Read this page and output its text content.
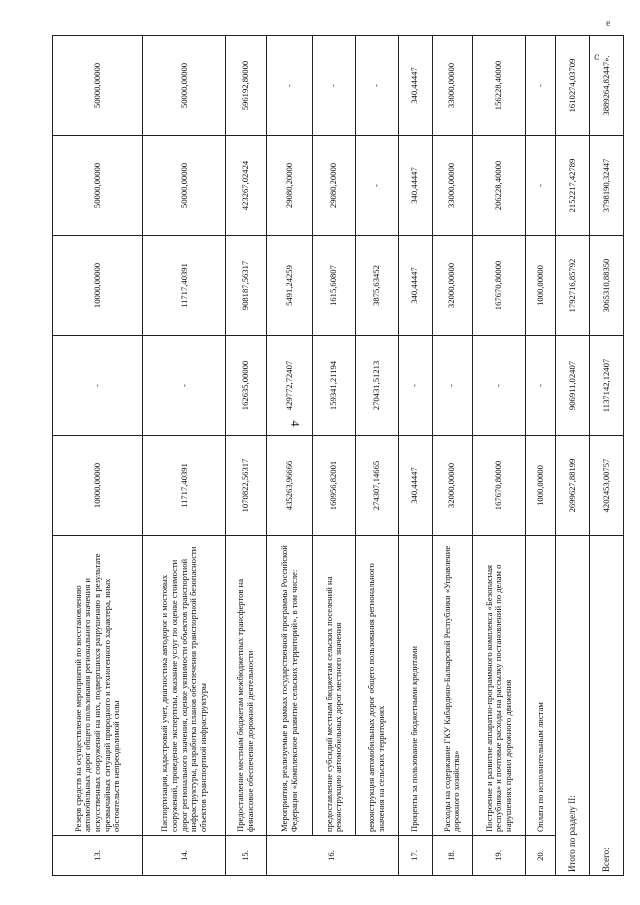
e
ⅽ
4
13.	Резерв средств на осуществление мероприятий по восстановлению автомобильных дорог общего пользования регионального значения и искусственных сооружений на них, подвергшихся разрушению в результате чрезвычайных ситуаций природного и техногенного характера, иных обстоятельств непреодолимой силы	10000,00000	-	10000,00000	50000,00000	50000,00000
14.	Паспортизация, кадастровый учет, диагностика автодорог и мостовых сооружений, проведение экспертизы, оказание услуг по оценке стоимости дорог регионального значения, оценке уязвимости объектов транспортной инфраструктуры, разработка планов обеспечения транспортной безопасности объектов транспортной инфраструктуры	11717,40391	-	11717,40391	50000,00000	50000,00000
15.	Предоставление местным бюджетам межбюджетных трансфертов на финансовое обеспечение дорожной деятельности	1070822,56317	162635,00000	908187,56317	423267,02424	596192,80000
16.	Мероприятия, реализуемые в рамках государственной программы Российской Федерации «Комплексное развитие сельских территорий», в том числе:	435263,96666	429772,72407	5491,24259	29080,20000	-
	предоставление субсидий местным бюджетам сельских поселений на реконструкцию автомобильных дорог местного значения	160956,82001	159341,21194	1615,60807	29080,20000	-
	реконструкция автомобильных дорог общего пользования регионального значения на сельских территориях	274307,14665	270431,51213	3875,63452	-	-
17.	Проценты за пользование бюджетными кредитами	340,44447	-	340,44447	340,44447	340,44447
18.	Расходы на содержание ГКУ Кабардино-Балкарской Республики «Управление дорожного хозяйства»	32000,00000	-	32000,00000	33000,00000	33000,00000
19.	Построение и развитие аппаратно-программного комплекса «Безопасная республика» и почтовые расходы на рассылку постановлений по делам о нарушениях правил дорожного движения	167670,80000	-	167670,80000	206228,40000	156228,40000
20.	Оплата по исполнительным листам	1000,00000	-	1000,00000	-	-
Итого по разделу II:		2699627,88199	906911,02407	1792716,85792	2152217,42789	1610274,03709
Всего:		4202453,00757	1137142,12407	3065310,88350	3798190,32447	3889264,82447».
